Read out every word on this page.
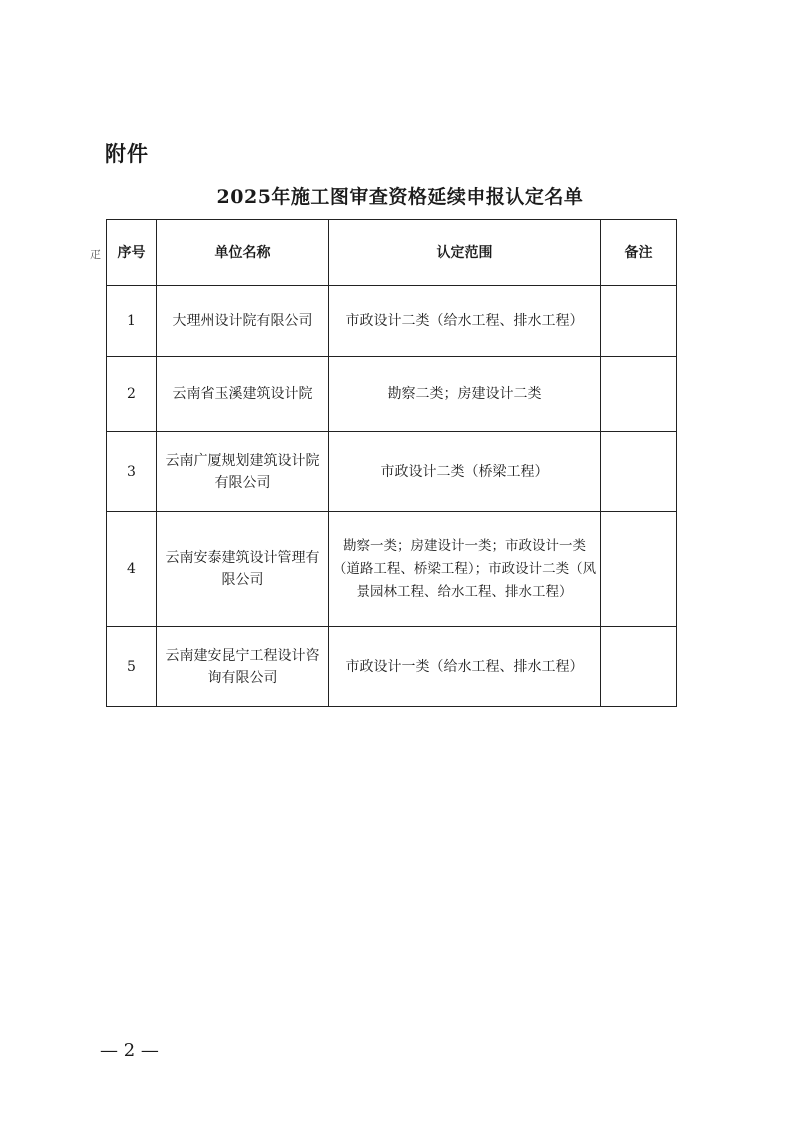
附件
2025年施工图审查资格延续申报认定名单
疋 序号	单位名称	认定范围	备注
1	大理州设计院有限公司	市政设计二类（给水工程、排水工程）	
2	云南省玉溪建筑设计院	勘察二类；房建设计二类	
3	云南广厦规划建筑设计院有限公司	市政设计二类（桥梁工程）	
4	云南安泰建筑设计管理有限公司	勘察一类；房建设计一类；市政设计一类（道路工程、桥梁工程）；市政设计二类（风景园林工程、给水工程、排水工程）	
5	云南建安昆宁工程设计咨询有限公司	市政设计一类（给水工程、排水工程）	
— 2 —
